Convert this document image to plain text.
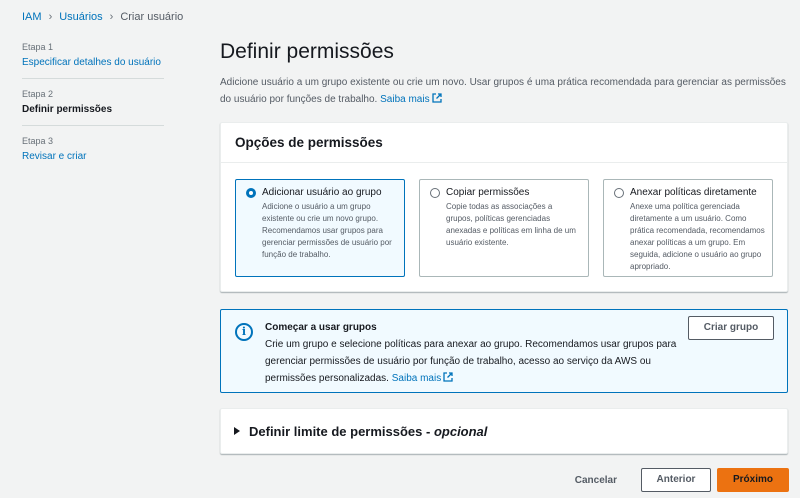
IAM › Usuários › Criar usuário
Etapa 1
Especificar detalhes do usuário
Etapa 2
Definir permissões
Etapa 3
Revisar e criar
Definir permissões

Adicione usuário a um grupo existente ou crie um novo. Usar grupos é uma prática recomendada para gerenciar as permissões do usuário por funções de trabalho. Saiba mais

Opções de permissões
Adicionar usuário ao grupo
Adicione o usuário a um grupo existente ou crie um novo grupo. Recomendamos usar grupos para gerenciar permissões de usuário por função de trabalho.
Copiar permissões
Copie todas as associações a grupos, políticas gerenciadas anexadas e políticas em linha de um usuário existente.
Anexar políticas diretamente
Anexe uma política gerenciada diretamente a um usuário. Como prática recomendada, recomendamos anexar políticas a um grupo. Em seguida, adicione o usuário ao grupo apropriado.
i	Começar a usar grupos
Crie um grupo e selecione políticas para anexar ao grupo. Recomendamos usar grupos para gerenciar permissões de usuário por função de trabalho, acesso ao serviço da AWS ou permissões personalizadas. Saiba mais
Criar grupo
Definir limite de permissões - opcional
Cancelar	Anterior	Próximo
